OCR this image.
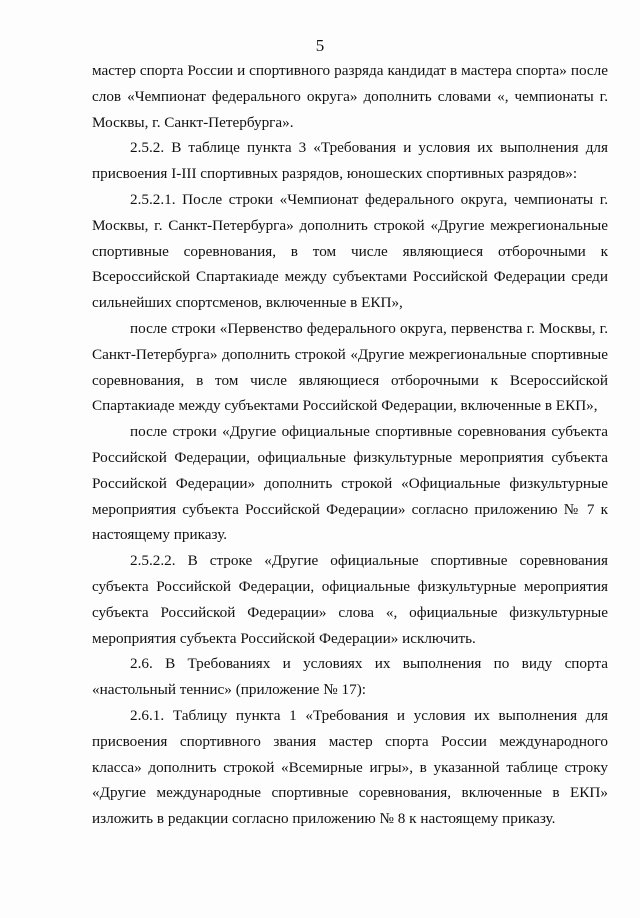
5

мастер спорта России и спортивного разряда кандидат в мастера спорта» после слов «Чемпионат федерального округа» дополнить словами «, чемпионаты г. Москвы, г. Санкт-Петербурга».

2.5.2. В таблице пункта 3 «Требования и условия их выполнения для присвоения I-III спортивных разрядов, юношеских спортивных разрядов»:

2.5.2.1. После строки «Чемпионат федерального округа, чемпионаты г. Москвы, г. Санкт-Петербурга» дополнить строкой «Другие межрегиональные спортивные соревнования, в том числе являющиеся отборочными к Всероссийской Спартакиаде между субъектами Российской Федерации среди сильнейших спортсменов, включенные в ЕКП»,

после строки «Первенство федерального округа, первенства г. Москвы, г. Санкт-Петербурга» дополнить строкой «Другие межрегиональные спортивные соревнования, в том числе являющиеся отборочными к Всероссийской Спартакиаде между субъектами Российской Федерации, включенные в ЕКП»,

после строки «Другие официальные спортивные соревнования субъекта Российской Федерации, официальные физкультурные мероприятия субъекта Российской Федерации» дополнить строкой «Официальные физкультурные мероприятия субъекта Российской Федерации» согласно приложению № 7 к настоящему приказу.

2.5.2.2. В строке «Другие официальные спортивные соревнования субъекта Российской Федерации, официальные физкультурные мероприятия субъекта Российской Федерации» слова «, официальные физкультурные мероприятия субъекта Российской Федерации» исключить.

2.6. В Требованиях и условиях их выполнения по виду спорта «настольный теннис» (приложение № 17):

2.6.1. Таблицу пункта 1 «Требования и условия их выполнения для присвоения спортивного звания мастер спорта России международного класса» дополнить строкой «Всемирные игры», в указанной таблице строку «Другие международные спортивные соревнования, включенные в ЕКП» изложить в редакции согласно приложению № 8 к настоящему приказу.
